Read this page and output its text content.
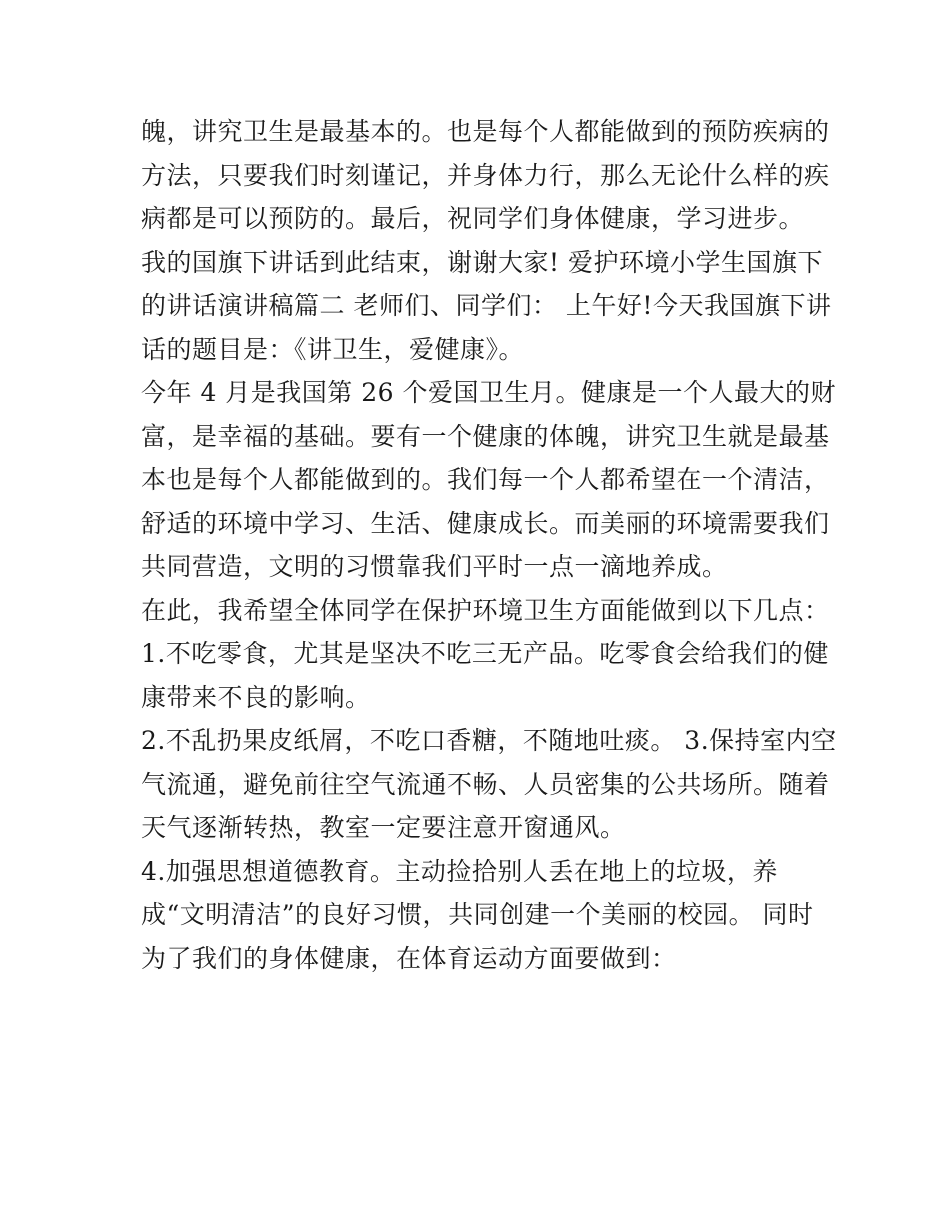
魄，讲究卫生是最基本的。也是每个人都能做到的预防疾病的
方法，只要我们时刻谨记，并身体力行，那么无论什么样的疾
病都是可以预防的。最后，祝同学们身体健康，学习进步。
我的国旗下讲话到此结束，谢谢大家! 爱护环境小学生国旗下
的讲话演讲稿篇二 老师们、同学们： 上午好!今天我国旗下讲
话的题目是：《讲卫生，爱健康》。
今年 4 月是我国第 26 个爱国卫生月。健康是一个人最大的财
富，是幸福的基础。要有一个健康的体魄，讲究卫生就是最基
本也是每个人都能做到的。我们每一个人都希望在一个清洁，
舒适的环境中学习、生活、健康成长。而美丽的环境需要我们
共同营造，文明的习惯靠我们平时一点一滴地养成。
在此，我希望全体同学在保护环境卫生方面能做到以下几点：
1.不吃零食，尤其是坚决不吃三无产品。吃零食会给我们的健
康带来不良的影响。
2.不乱扔果皮纸屑，不吃口香糖，不随地吐痰。 3.保持室内空
气流通，避免前往空气流通不畅、人员密集的公共场所。随着
天气逐渐转热，教室一定要注意开窗通风。
4.加强思想道德教育。主动捡拾别人丢在地上的垃圾，养
成“文明清洁”的良好习惯，共同创建一个美丽的校园。 同时
为了我们的身体健康，在体育运动方面要做到：
